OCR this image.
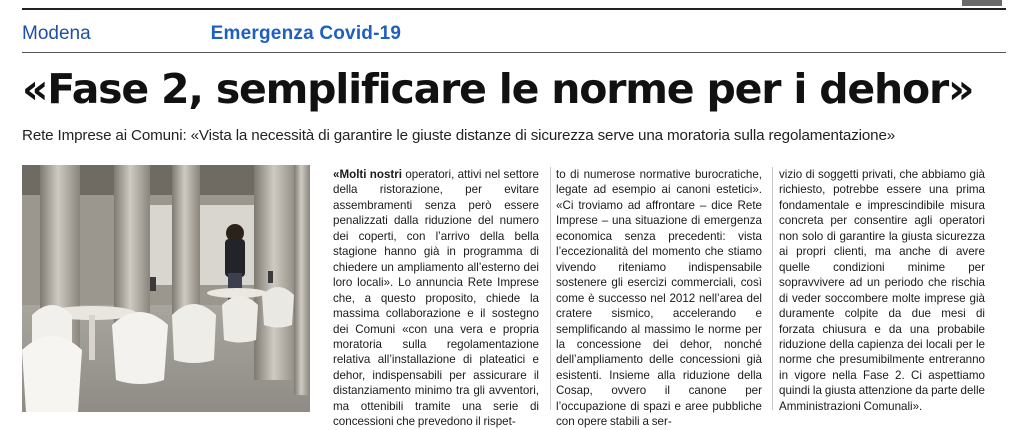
Modena	Emergenza Covid-19
«Fase 2, semplificare le norme per i dehor»

Rete Imprese ai Comuni: «Vista la necessità di garantire le giuste distanze di sicurezza serve una moratoria sulla regolamentazione»

«Molti nostri operatori, attivi nel settore della ristorazione, per evitare assembramenti senza però essere penalizzati dalla riduzione del numero dei coperti, con l’arrivo della bella stagione hanno già in programma di chiedere un ampliamento all’esterno dei loro locali». Lo annuncia Rete Imprese che, a questo proposito, chiede la massima collaborazione e il sostegno dei Comuni «con una vera e propria moratoria sulla regolamentazione relativa all’installazione di plateatici e dehor, indispensabili per assicurare il distanziamento minimo tra gli avventori, ma ottenibili tramite una serie di concessioni che prevedono il rispet-

to di numerose normative burocratiche, legate ad esempio ai canoni estetici». «Ci troviamo ad affrontare – dice Rete Imprese – una situazione di emergenza economica senza precedenti: vista l’eccezionalità del momento che stiamo vivendo riteniamo indispensabile sostenere gli esercizi commerciali, così come è successo nel 2012 nell’area del cratere sismico, accelerando e semplificando al massimo le norme per la concessione dei dehor, nonché dell’ampliamento delle concessioni già esistenti. Insieme alla riduzione della Cosap, ovvero il canone per l’occupazione di spazi e aree pubbliche con opere stabili a ser-

vizio di soggetti privati, che abbiamo già richiesto, potrebbe essere una prima fondamentale e imprescindibile misura concreta per consentire agli operatori non solo di garantire la giusta sicurezza ai propri clienti, ma anche di avere quelle condizioni minime per sopravvivere ad un periodo che rischia di veder soccombere molte imprese già duramente colpite da due mesi di forzata chiusura e da una probabile riduzione della capienza dei locali per le norme che presumibilmente entreranno in vigore nella Fase 2. Ci aspettiamo quindi la giusta attenzione da parte delle Amministrazioni Comunali».
